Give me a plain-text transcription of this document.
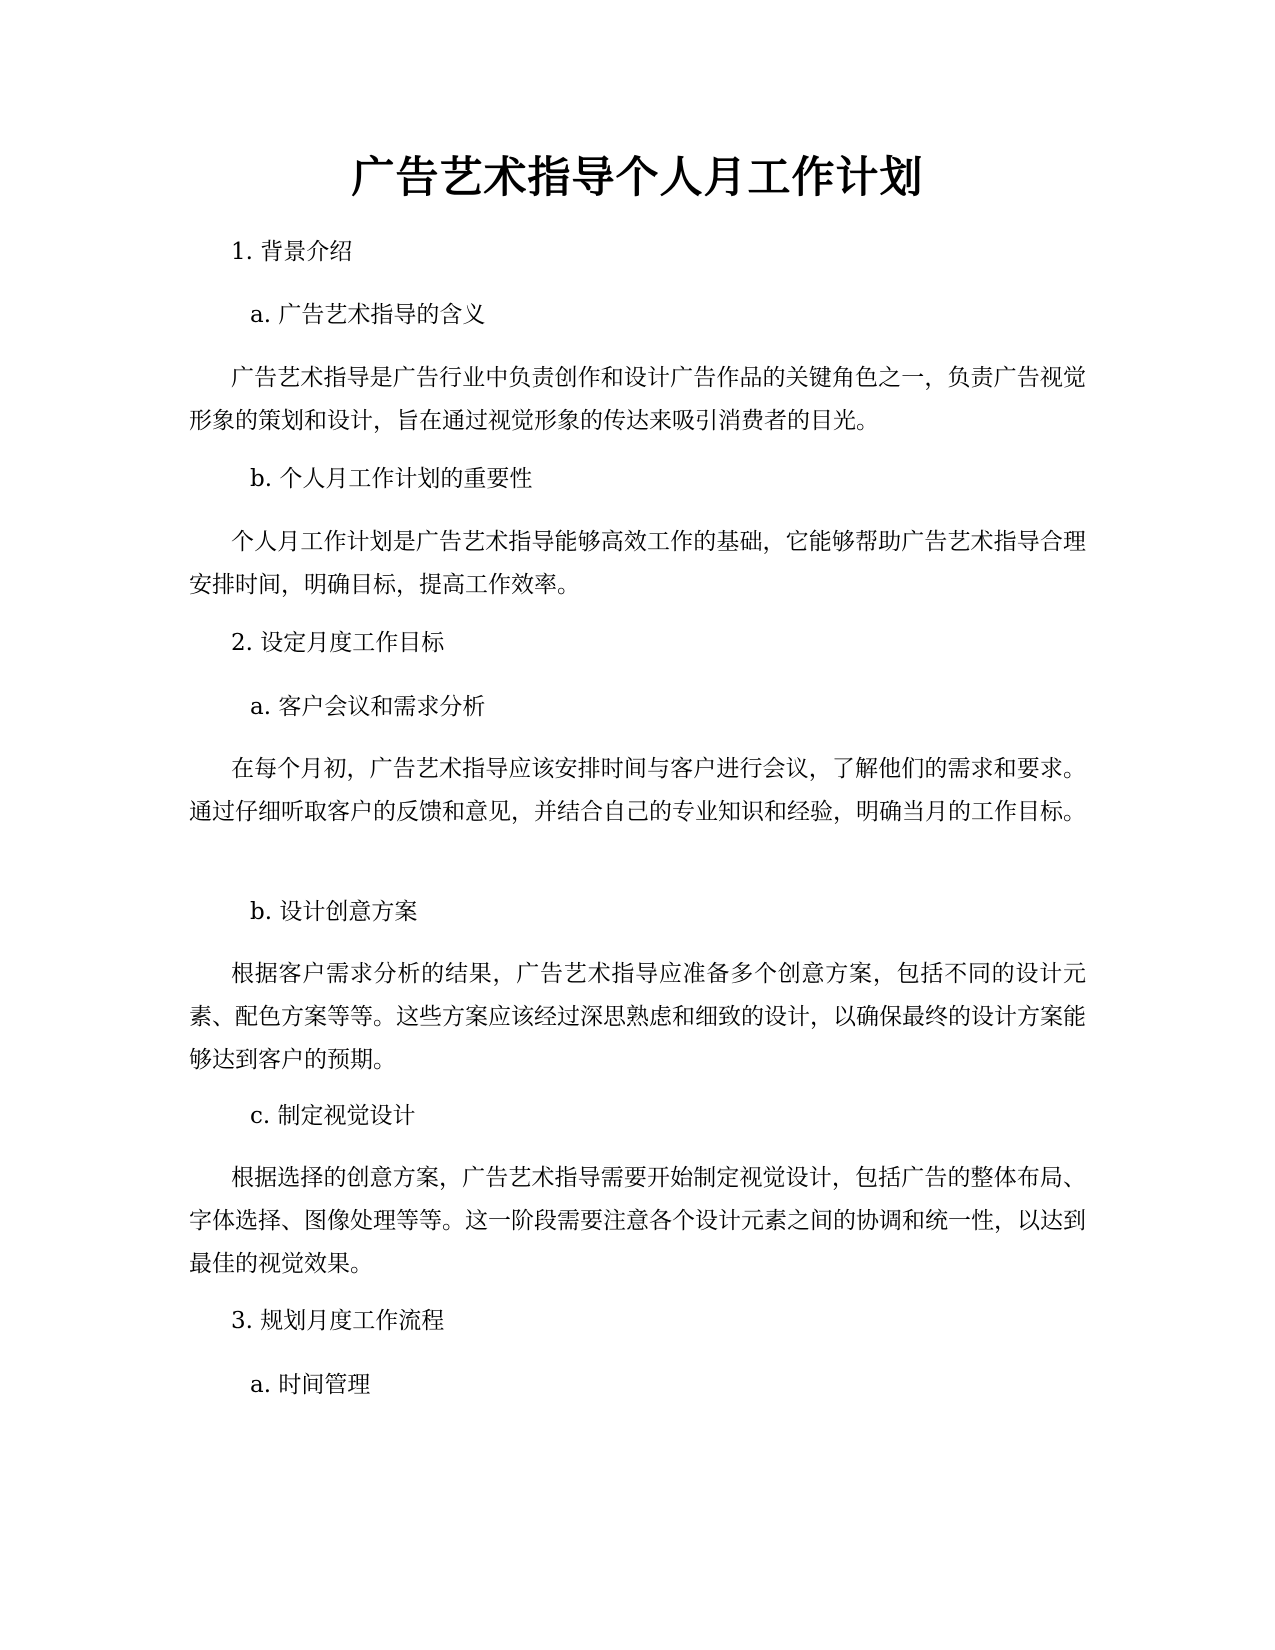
广告艺术指导个人月工作计划

1. 背景介绍

a. 广告艺术指导的含义

广告艺术指导是广告行业中负责创作和设计广告作品的关键角色之一，负责广告视觉形象的策划和设计，旨在通过视觉形象的传达来吸引消费者的目光。

b. 个人月工作计划的重要性

个人月工作计划是广告艺术指导能够高效工作的基础，它能够帮助广告艺术指导合理安排时间，明确目标，提高工作效率。

2. 设定月度工作目标

a. 客户会议和需求分析

在每个月初，广告艺术指导应该安排时间与客户进行会议，了解他们的需求和要求。通过仔细听取客户的反馈和意见，并结合自己的专业知识和经验，明确当月的工作目标。

b. 设计创意方案

根据客户需求分析的结果，广告艺术指导应准备多个创意方案，包括不同的设计元素、配色方案等等。这些方案应该经过深思熟虑和细致的设计，以确保最终的设计方案能够达到客户的预期。

c. 制定视觉设计

根据选择的创意方案，广告艺术指导需要开始制定视觉设计，包括广告的整体布局、字体选择、图像处理等等。这一阶段需要注意各个设计元素之间的协调和统一性，以达到最佳的视觉效果。

3. 规划月度工作流程

a. 时间管理
